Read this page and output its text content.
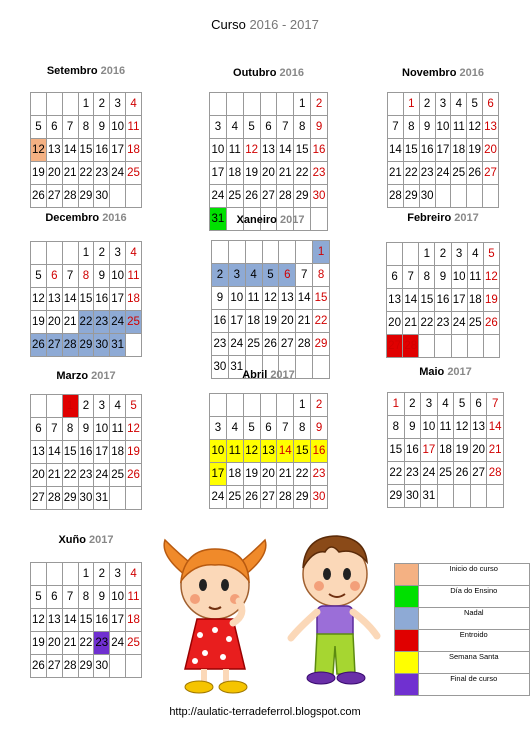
Curso 2016 - 2017
Setembro 2016
			1	2	3	4
5	6	7	8	9	10	11
12	13	14	15	16	17	18
19	20	21	22	23	24	25
26	27	28	29	30		
Outubro 2016
					1	2
3	4	5	6	7	8	9
10	11	12	13	14	15	16
17	18	19	20	21	22	23
24	25	26	27	28	29	30
31						
Novembro 2016
	1	2	3	4	5	6
7	8	9	10	11	12	13
14	15	16	17	18	19	20
21	22	23	24	25	26	27
28	29	30				
Decembro 2016
			1	2	3	4
5	6	7	8	9	10	11
12	13	14	15	16	17	18
19	20	21	22	23	24	25
26	27	28	29	30	31	
Xaneiro 2017
						1
2	3	4	5	6	7	8
9	10	11	12	13	14	15
16	17	18	19	20	21	22
23	24	25	26	27	28	29
30	31					
Febreiro 2017
		1	2	3	4	5
6	7	8	9	10	11	12
13	14	15	16	17	18	19
20	21	22	23	24	25	26
27	28					
Marzo 2017
		1	2	3	4	5
6	7	8	9	10	11	12
13	14	15	16	17	18	19
20	21	22	23	24	25	26
27	28	29	30	31		
Abril 2017
					1	2
3	4	5	6	7	8	9
10	11	12	13	14	15	16
17	18	19	20	21	22	23
24	25	26	27	28	29	30
Maio 2017
1	2	3	4	5	6	7
8	9	10	11	12	13	14
15	16	17	18	19	20	21
22	23	24	25	26	27	28
29	30	31				
Xuño 2017
			1	2	3	4
5	6	7	8	9	10	11
12	13	14	15	16	17	18
19	20	21	22	23	24	25
26	27	28	29	30		
	Inicio do curso
	Día do Ensino
	Nadal
	Entroido
	Semana Santa
	Final de curso
http://aulatic-terradeferrol.blogspot.com
